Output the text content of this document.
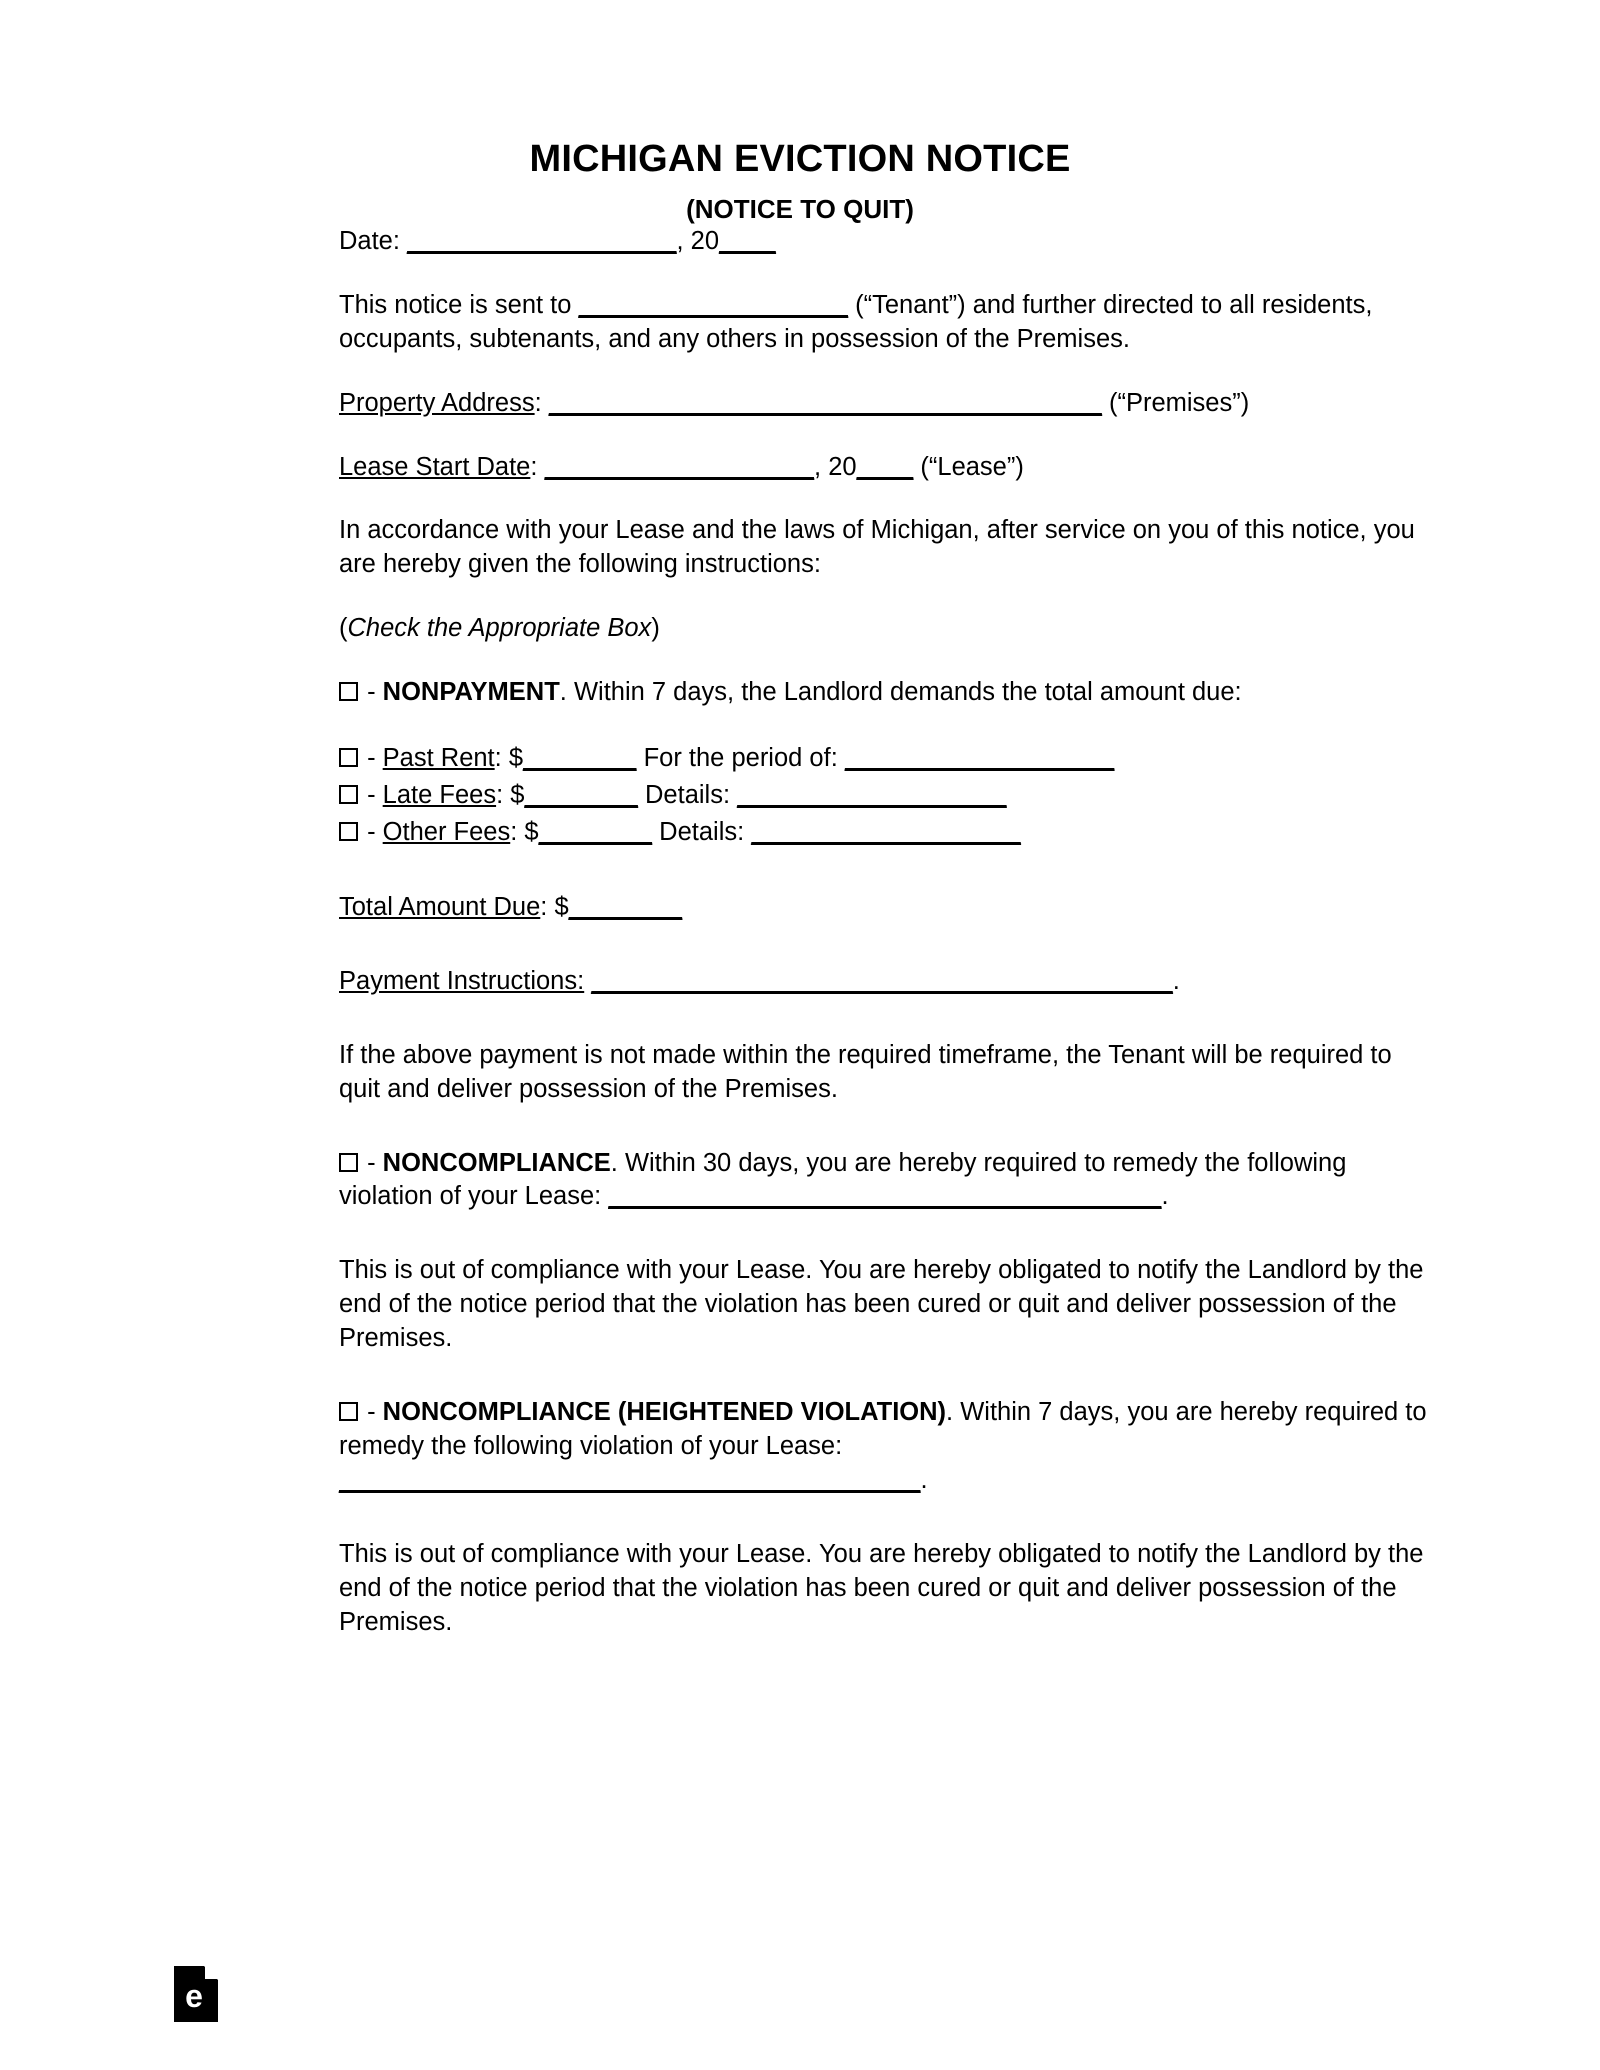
MICHIGAN EVICTION NOTICE
(NOTICE TO QUIT)

Date: ___________________, 20____

This notice is sent to ___________________ (“Tenant”) and further directed to all residents, occupants, subtenants, and any others in possession of the Premises.

Property Address: _______________________________________ (“Premises”)

Lease Start Date: ___________________, 20____ (“Lease”)

In accordance with your Lease and the laws of Michigan, after service on you of this notice, you are hereby given the following instructions:

(Check the Appropriate Box)

- NONPAYMENT. Within 7 days, the Landlord demands the total amount due:

- Past Rent: $________ For the period of: ___________________
- Late Fees: $________ Details: ___________________
- Other Fees: $________ Details: ___________________

Total Amount Due: $________

Payment Instructions: _________________________________________.

If the above payment is not made within the required timeframe, the Tenant will be required to quit and deliver possession of the Premises.

- NONCOMPLIANCE. Within 30 days, you are hereby required to remedy the following violation of your Lease: _______________________________________.

This is out of compliance with your Lease. You are hereby obligated to notify the Landlord by the end of the notice period that the violation has been cured or quit and deliver possession of the Premises.

- NONCOMPLIANCE (HEIGHTENED VIOLATION). Within 7 days, you are hereby required to remedy the following violation of your Lease: _________________________________________.

This is out of compliance with your Lease. You are hereby obligated to notify the Landlord by the end of the notice period that the violation has been cured or quit and deliver possession of the Premises.

e
